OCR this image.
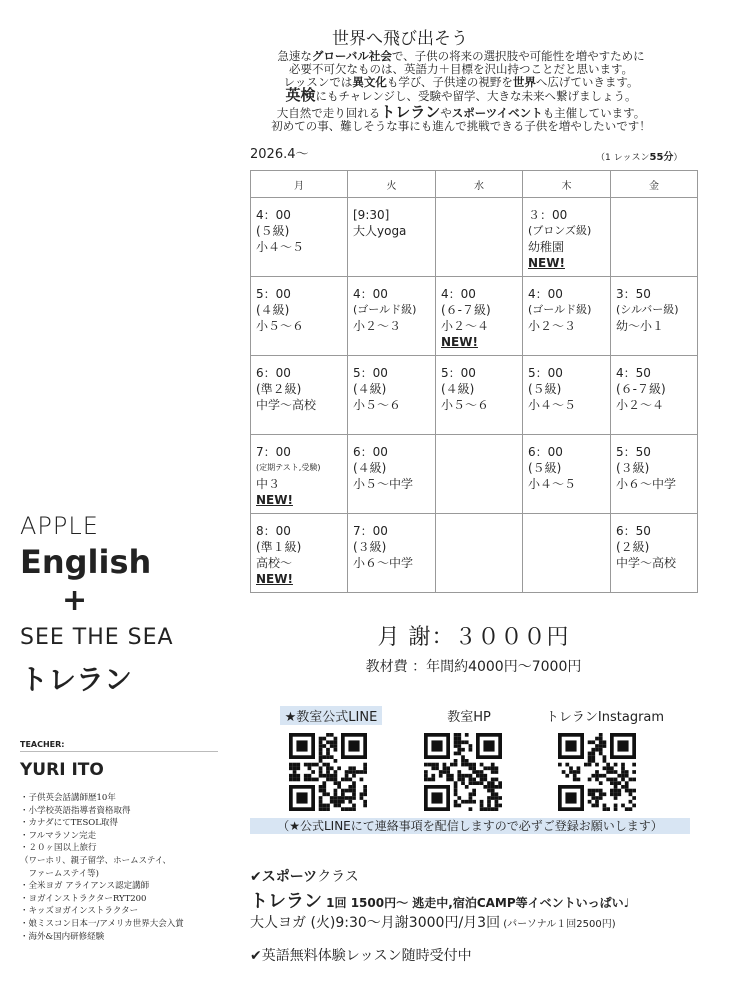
世界へ飛び出そう
急速なグローバル社会で、子供の将来の選択肢や可能性を増やすために
必要不可欠なものは、英語力＋目標を沢山持つことだと思います。
レッスンでは異文化も学び、子供達の視野を世界へ広げていきます。
英検にもチャレンジし、受験や留学、大きな未来へ繋げましょう。
大自然で走り回れるトレランやスポーツイベントも主催しています。
初めての事、難しそうな事にも進んで挑戦できる子供を増やしたいです！
2026.4〜	（1 レッスン55分）
月	火	水	木	金

4：00
(５級)
小４〜５	[9:30]
大人yoga		３：00
(ブロンズ級)
幼稚園
NEW!	

5：00
(４級)
小５〜６	4：00
(ゴールド級)
小２〜３	4：00
(６-７級)
小２〜４
NEW!	4：00
(ゴールド級)
小２〜３	3：50
(シルバー級)
幼〜小１

6：00
(準２級)
中学〜高校	5：00
(４級)
小５〜６	5：00
(４級)
小５〜６	5：00
(５級)
小４〜５	4：50
(６-７級)
小２〜４

7：00
(定期テスト,受験)
中３
NEW!	6：00
(４級)
小５〜中学		6：00
(５級)
小４〜５	5：50
(３級)
小６〜中学

8：00
(準１級)
高校〜
NEW!	7：00
(３級)
小６〜中学			6：50
(２級)
中学〜高校
APPLE
English
+
SEE THE SEA
トレラン
TEACHER:
YURI ITO
・子供英会話講師歴10年
・小学校英語指導者資格取得
・カナダにてTESOL取得
・フルマラソン完走
・２０ヶ国以上旅行
（ワーホリ、親子留学、ホームステイ、
　ファームステイ等)
・全米ヨガ アライアンス認定講師
・ヨガインストラクターRYT200
・キッズヨガインストラクター
・娘ミスコン日本一/アメリカ世界大会入賞
・海外&国内研修経験
月 謝：３０００円
教材費 ：年間約4000円〜7000円
★教室公式LINE	教室HP	トレランInstagram
（★公式LINEにて連絡事項を配信しますので必ずご登録お願いします）
✔スポーツクラス
トレラン 1回 1500円〜 逃走中,宿泊CAMP等イベントいっぱい♩
大人ヨガ (火)9:30〜月謝3000円/月3回 (パーソナル１回2500円)
✔英語無料体験レッスン随時受付中
